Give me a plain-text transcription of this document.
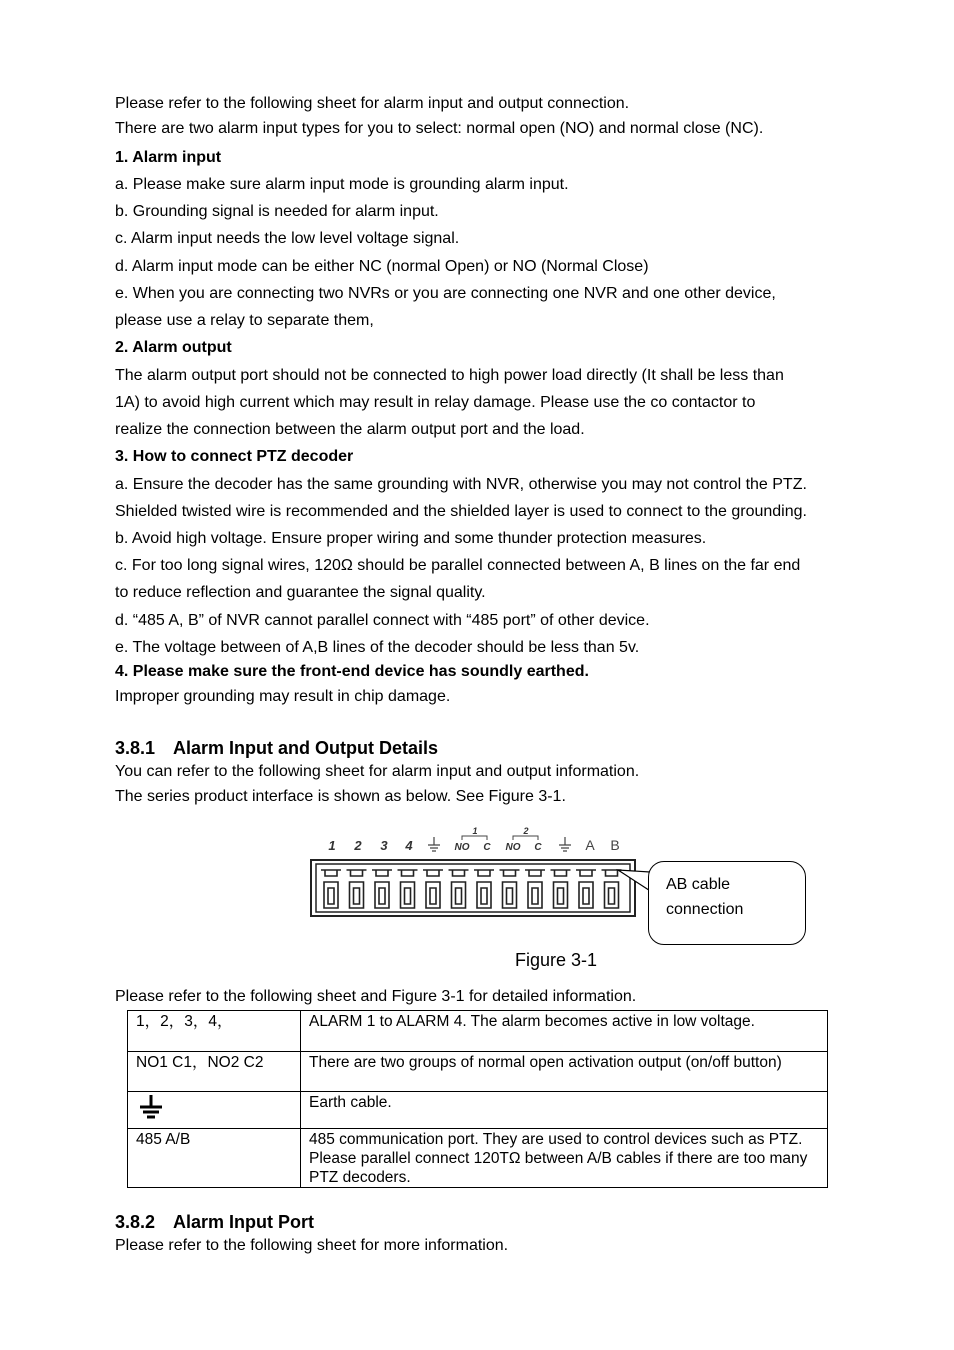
Please refer to the following sheet for alarm input and output connection.
There are two alarm input types for you to select: normal open (NO) and normal close (NC).
1. Alarm input
a. Please make sure alarm input mode is grounding alarm input.
b. Grounding signal is needed for alarm input.
c. Alarm input needs the low level voltage signal.
d. Alarm input mode can be either NC (normal Open) or NO (Normal Close)
e. When you are connecting two NVRs or you are connecting one NVR and one other device,
please use a relay to separate them,
2. Alarm output
The alarm output port should not be connected to high power load directly (It shall be less than
1A) to avoid high current which may result in relay damage. Please use the co contactor to
realize the connection between the alarm output port and the load.
3. How to connect PTZ decoder
a. Ensure the decoder has the same grounding with NVR, otherwise you may not control the PTZ.
Shielded twisted wire is recommended and the shielded layer is used to connect to the grounding.
b. Avoid high voltage. Ensure proper wiring and some thunder protection measures.
c. For too long signal wires, 120Ω should be parallel connected between A, B lines on the far end
to reduce reflection and guarantee the signal quality.
d. “485 A, B” of NVR cannot parallel connect with “485 port” of other device.
e. The voltage between of A,B lines of the decoder should be less than 5v.
4. Please make sure the front-end device has soundly earthed.
Improper grounding may result in chip damage.
3.8.1 Alarm Input and Output Details
You can refer to the following sheet for alarm input and output information.
The series product interface is shown as below. See Figure 3-1.
1 2 3 4	NO C NO C
1	2
A B
AB cable
connection
Figure 3-1
Please refer to the following sheet and Figure 3-1 for detailed information.
1，2，3，4，	ALARM 1 to ALARM 4. The alarm becomes active in low voltage.
NO1 C1，NO2 C2	There are two groups of normal open activation output (on/off button)
	Earth cable.
485 A/B	485 communication port. They are used to control devices such as PTZ. Please parallel connect 120TΩ between A/B cables if there are too many PTZ decoders.
3.8.2 Alarm Input Port
Please refer to the following sheet for more information.
